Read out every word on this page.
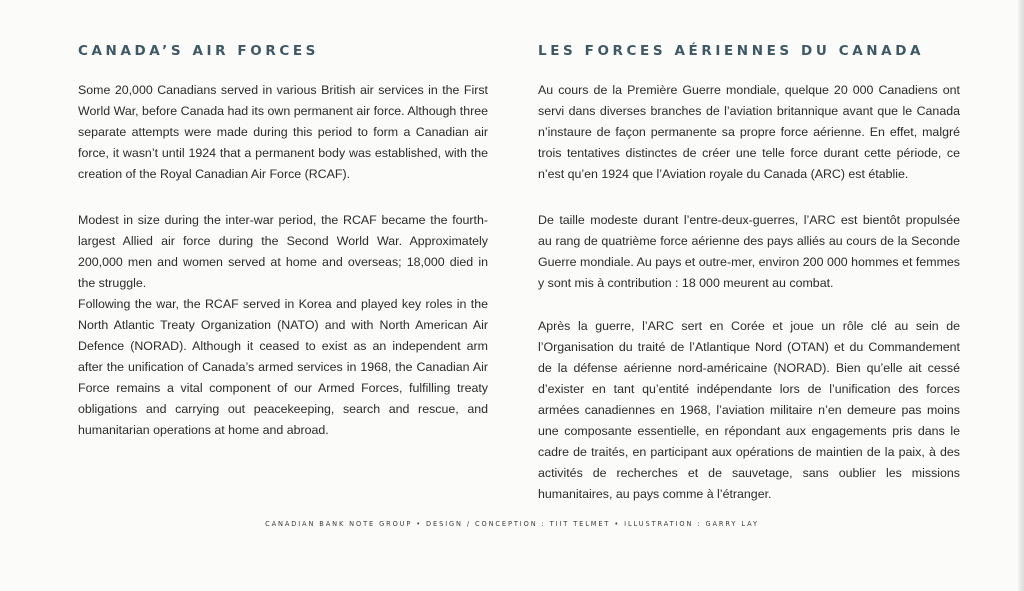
CANADA’S AIR FORCES

Some 20,000 Canadians served in various British air services in the First World War, before Canada had its own permanent air force. Although three separate attempts were made during this period to form a Canadian air force, it wasn’t until 1924 that a permanent body was established, with the creation of the Royal Canadian Air Force (RCAF).

Modest in size during the inter-war period, the RCAF became the fourth-largest Allied air force during the Second World War. Approximately 200,000 men and women served at home and overseas; 18,000 died in the struggle.

Following the war, the RCAF served in Korea and played key roles in the North Atlantic Treaty Organization (NATO) and with North American Air Defence (NORAD). Although it ceased to exist as an independent arm after the unification of Canada’s armed services in 1968, the Canadian Air Force remains a vital component of our Armed Forces, fulfilling treaty obligations and carrying out peacekeeping, search and rescue, and humanitarian operations at home and abroad.

LES FORCES AÉRIENNES DU CANADA

Au cours de la Première Guerre mondiale, quelque 20 000 Canadiens ont servi dans diverses branches de l’aviation britannique avant que le Canada n’instaure de façon permanente sa propre force aérienne. En effet, malgré trois tentatives distinctes de créer une telle force durant cette période, ce n’est qu’en 1924 que l’Aviation royale du Canada (ARC) est établie.

De taille modeste durant l’entre-deux-guerres, l’ARC est bientôt propulsée au rang de quatrième force aérienne des pays alliés au cours de la Seconde Guerre mondiale. Au pays et outre-mer, environ 200 000 hommes et femmes y sont mis à contribution : 18 000 meurent au combat.

Après la guerre, l’ARC sert en Corée et joue un rôle clé au sein de l’Organisation du traité de l’Atlantique Nord (OTAN) et du Commandement de la défense aérienne nord-américaine (NORAD). Bien qu’elle ait cessé d’exister en tant qu’entité indépendante lors de l’unification des forces armées canadiennes en 1968, l’aviation militaire n’en demeure pas moins une composante essentielle, en répondant aux engagements pris dans le cadre de traités, en participant aux opérations de maintien de la paix, à des activités de recherches et de sauvetage, sans oublier les missions humanitaires, au pays comme à l’étranger.

CANADIAN BANK NOTE GROUP • DESIGN / CONCEPTION : TIIT TELMET • ILLUSTRATION : GARRY LAY
